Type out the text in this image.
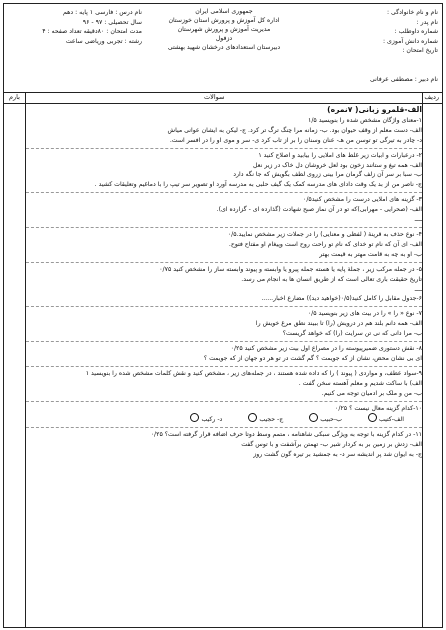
نام و نام خانوادگی :
نام پدر :
شماره داوطلب :
شماره دانش آموزی :
تاریخ امتحان :
جمهوری اسلامی ایران
اداره کل آموزش و پرورش استان خوزستان
مدیریت آموزش و پرورش شهرستان
دزفول
دبیرستان استعدادهای درخشان شهید بهشتی
نام درس : فارسی ۱ پایه : دهم
سال تحصیلی : ۹۷ - ۹۶
مدت امتحان : ۸۰دقیقه تعداد صفحه : ۴
رشته : تجربی وریاضی ساعت
نام دبیر : مصطفی عرفانی
ردیف
سوالات
بارم
الف-قلمرو زبانی( ۷نمره)
۱-معنای واژگان مشخص شده را بنویسید ۱/۵
الف- دست معلم از وقف حیوان بود. ب- زمانه مرا چنگ ترگ تر کرد. ج- لیکن به ایشان عوانی میاش
د- چادر به تیرگی تو توسن من هـ- عنان وسنان را بر از تاب کرد ی- سر و موی او را در افسر است.
۲- درعبارات و ابیات زیر غلط های املایی را بیابید و اصلاح کنید ۱
الف- همه تیغ و ستانند زخون بود لعل خروشان دل خاک در زیر نعل
ب- سبا بر سر آن زلف گرمان مرا بینی زروی لطف بگویش که جا نگه دارد
ج- ناصر من از بد یک وقت دادای های مدرسه کمک یک گیف حلبی به مدرسه آورد او تصویر سر تیپ را با دماغیم وتعلیقات کشید .
۳- گزینه های املایی درست را مشخص کنید۰/۵
الف- (صحرایی - مهرابی)که تو در آن نماز صبح شهادت (گذارده ای - گزارده ای).
ــــ
۴- نوع حذف به قرینهٔ ( لفظی و معنایی) را در جملات زیر مشخص نمایید.۰/۵
الف- ای آن که نام تو خدای که نام تو راحت روح است وپیغام او مفتاح فتوح.
ب- او به چه به قامت مهتر به قیمت بهتر
۵- در جمله مرکب زیر ، جملهٔ پایه یا هسته جمله پیرو یا وابسته و پیوند وابسته ساز را مشخص کنید ۰/۷۵
تاریخ حقیقت باری تعالی است که از طریق انسان ها به انجام می رسد.
ــــ
۶-جدول مقابل را کامل کنید(۰/۵(خواهید دید)) مضارع اخبار......
۷- نوع « را » را در بیت های زیر بنویسید ۰/۵
الف- همه دانم بلند هم در درویش (را) تا ببیند نطق مرغ خویش را
ب- مرا دانی که نی تن سرایت (را) که خواهد گریست؟
۸- نقش دستوری ضمیرپیوسته را در مصراع اول بیت زیر مشخص کنید ۰/۲۵
ای بی نشان محض، نشان از که جویمت ؟ گم گشت در تو هر دو جهان از که جویمت ؟
۹-سواد عطف، و مواردی ( پیوند ) را که داده شده هستند ، در جمله‌های زیر ، مشخص کنید و نقش کلمات مشخص شده را بنویسید ۱
الف) با ساکت شدیم و معلم آهسته سخن گفت .
ب- من و ملک بر ادمیان توجه می کنیم.
۱۰-کدام گزینه معال نیست ؟ ۰/۲۵
الف-کتیبب-حبیبج- حجیبد- رکیب
۱۱- در کدام گزینه با توجه به ویژگی سبکی شاهنامه ، متمم وسط دوتا حرف اضافه قرار گرفته است؟ ۰/۲۵
الف- زدش بر زمین بر به کردار شیر ب- تهمتن برآشفت و با توس گفت
ج- به ایوان شد پر اندیشه سر د- به جمشید بر تیره گون گشت روز
